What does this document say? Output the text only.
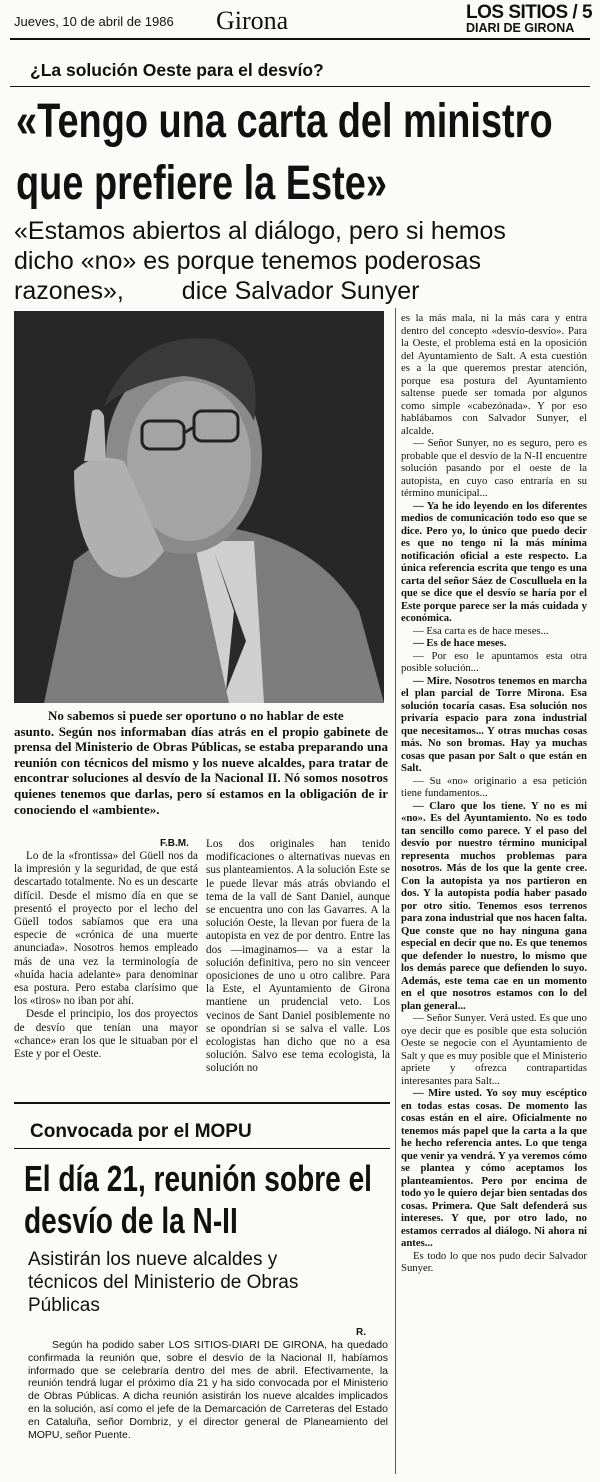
Jueves, 10 de abril de 1986 Girona	LOS SITIOS / 5
DIARI DE GIRONA
¿La solución Oeste para el desvío?
«Tengo una carta del ministro
que prefiere la Este»
«Estamos abiertos al diálogo, pero si hemos
dicho «no» es porque tenemos poderosas
razones», dice Salvador Sunyer
No sabemos si puede ser oportuno o no hablar de este
asunto. Según nos informaban días atrás en el propio gabinete de prensa del Ministerio de Obras Públicas, se estaba preparando una reunión con técnicos del mismo y los nueve alcaldes, para tratar de encontrar soluciones al desvío de la Nacional II. Nó somos nosotros quienes tenemos que darlas, pero sí estamos en la obligación de ir conociendo el «ambiente».
F.B.M.

Lo de la «frontissa» del Güell nos da la impresión y la seguridad, de que está descartado totalmente. No es un descarte difícil. Desde el mismo día en que se presentó el proyecto por el lecho del Güell todos sabíamos que era una especie de «crónica de una muerte anunciada». Nosotros hemos empleado más de una vez la terminología de «huída hacia adelante» para denominar esa postura. Pero estaba clarísimo que los «tiros» no iban por ahí.

Desde el principio, los dos proyectos de desvío que tenían una mayor «chance» eran los que le situaban por el Este y por el Oeste.

Los dos originales han tenido modificaciones o alternativas nuevas en sus planteamientos. A la solución Este se le puede llevar más atrás obviando el tema de la vall de Sant Daniel, aunque se encuentra uno con las Gavarres. A la solución Oeste, la llevan por fuera de la autopista en vez de por dentro. Entre las dos —imaginamos— va a estar la solución definitiva, pero no sin venceer oposiciones de uno u otro calibre. Para la Este, el Ayuntamiento de Girona mantiene un prudencial veto. Los vecinos de Sant Daniel posiblemente no se opondrían si se salva el valle. Los ecologistas han dicho que no a esa solución. Salvo ese tema ecologista, la solución no

es la más mala, ni la más cara y entra dentro del concepto «desvío-desvío». Para la Oeste, el problema está en la oposición del Ayuntamiento de Salt. A esta cuestión es a la que queremos prestar atención, porque esa postura del Ayuntamiento saltense puede ser tomada por algunos como simple «cabezónada». Y por eso hablábamos con Salvador Sunyer, el alcalde.

— Señor Sunyer, no es seguro, pero es probable que el desvío de la N-II encuentre solución pasando por el oeste de la autopista, en cuyo caso entraría en su término municipal...

— Ya he ido leyendo en los diferentes medios de comunicación todo eso que se dice. Pero yo, lo único que puedo decir es que no tengo ni la más mínima notificación oficial a este respecto. La única referencia escrita que tengo es una carta del señor Sáez de Cosculluela en la que se dice que el desvío se haría por el Este porque parece ser la más cuidada y económica.

— Esa carta es de hace meses...

— Es de hace meses.

— Por eso le apuntamos esta otra posible solución...

— Mire. Nosotros tenemos en marcha el plan parcial de Torre Mirona. Esa solución tocaría casas. Esa solución nos privaría espacio para zona industrial que necesitamos... Y otras muchas cosas más. No son bromas. Hay ya muchas cosas que pasan por Salt o que están en Salt.

— Su «no» originario a esa petición tiene fundamentos...

— Claro que los tiene. Y no es mi «no». Es del Ayuntamiento. No es todo tan sencillo como parece. Y el paso del desvío por nuestro término municipal representa muchos problemas para nosotros. Más de los que la gente cree. Con la autopista ya nos partieron en dos. Y la autopista podía haber pasado por otro sitio. Tenemos esos terrenos para zona industrial que nos hacen falta. Que conste que no hay ninguna gana especial en decir que no. Es que tenemos que defender lo nuestro, lo mismo que los demás parece que defienden lo suyo. Además, este tema cae en un momento en el que nosotros estamos con lo del plan general...

— Señor Sunyer. Verá usted. Es que uno oye decir que es posible que esta solución Oeste se negocie con el Ayuntamiento de Salt y que es muy posible que el Ministerio apriete y ofrezca contrapartidas interesantes para Salt...

— Mire usted. Yo soy muy escéptico en todas estas cosas. De momento las cosas están en el aire. Oficialmente no tenemos más papel que la carta a la que he hecho referencia antes. Lo que tenga que venir ya vendrá. Y ya veremos cómo se plantea y cómo aceptamos los planteamientos. Pero por encima de todo yo le quiero dejar bien sentadas dos cosas. Primera. Que Salt defenderá sus intereses. Y que, por otro lado, no estamos cerrados al diálogo. Ni ahora ni antes...

Es todo lo que nos pudo decir Salvador Sunyer.

Convocada por el MOPU
El día 21, reunión sobre el
desvío de la N-II
Asistirán los nueve alcaldes y
técnicos del Ministerio de Obras
Públicas
R.
Según ha podido saber LOS SITIOS-DIARI DE GIRONA, ha quedado confirmada la reunión que, sobre el desvío de la Nacional II, habíamos informado que se celebraría dentro del mes de abril. Efectivamente, la reunión tendrá lugar el próximo día 21 y ha sido convocada por el Ministerio de Obras Públicas. A dicha reunión asistirán los nueve alcaldes implicados en la solución, así como el jefe de la Demarcación de Carreteras del Estado en Cataluña, señor Dombriz, y el director general de Planeamiento del MOPU, señor Puente.
